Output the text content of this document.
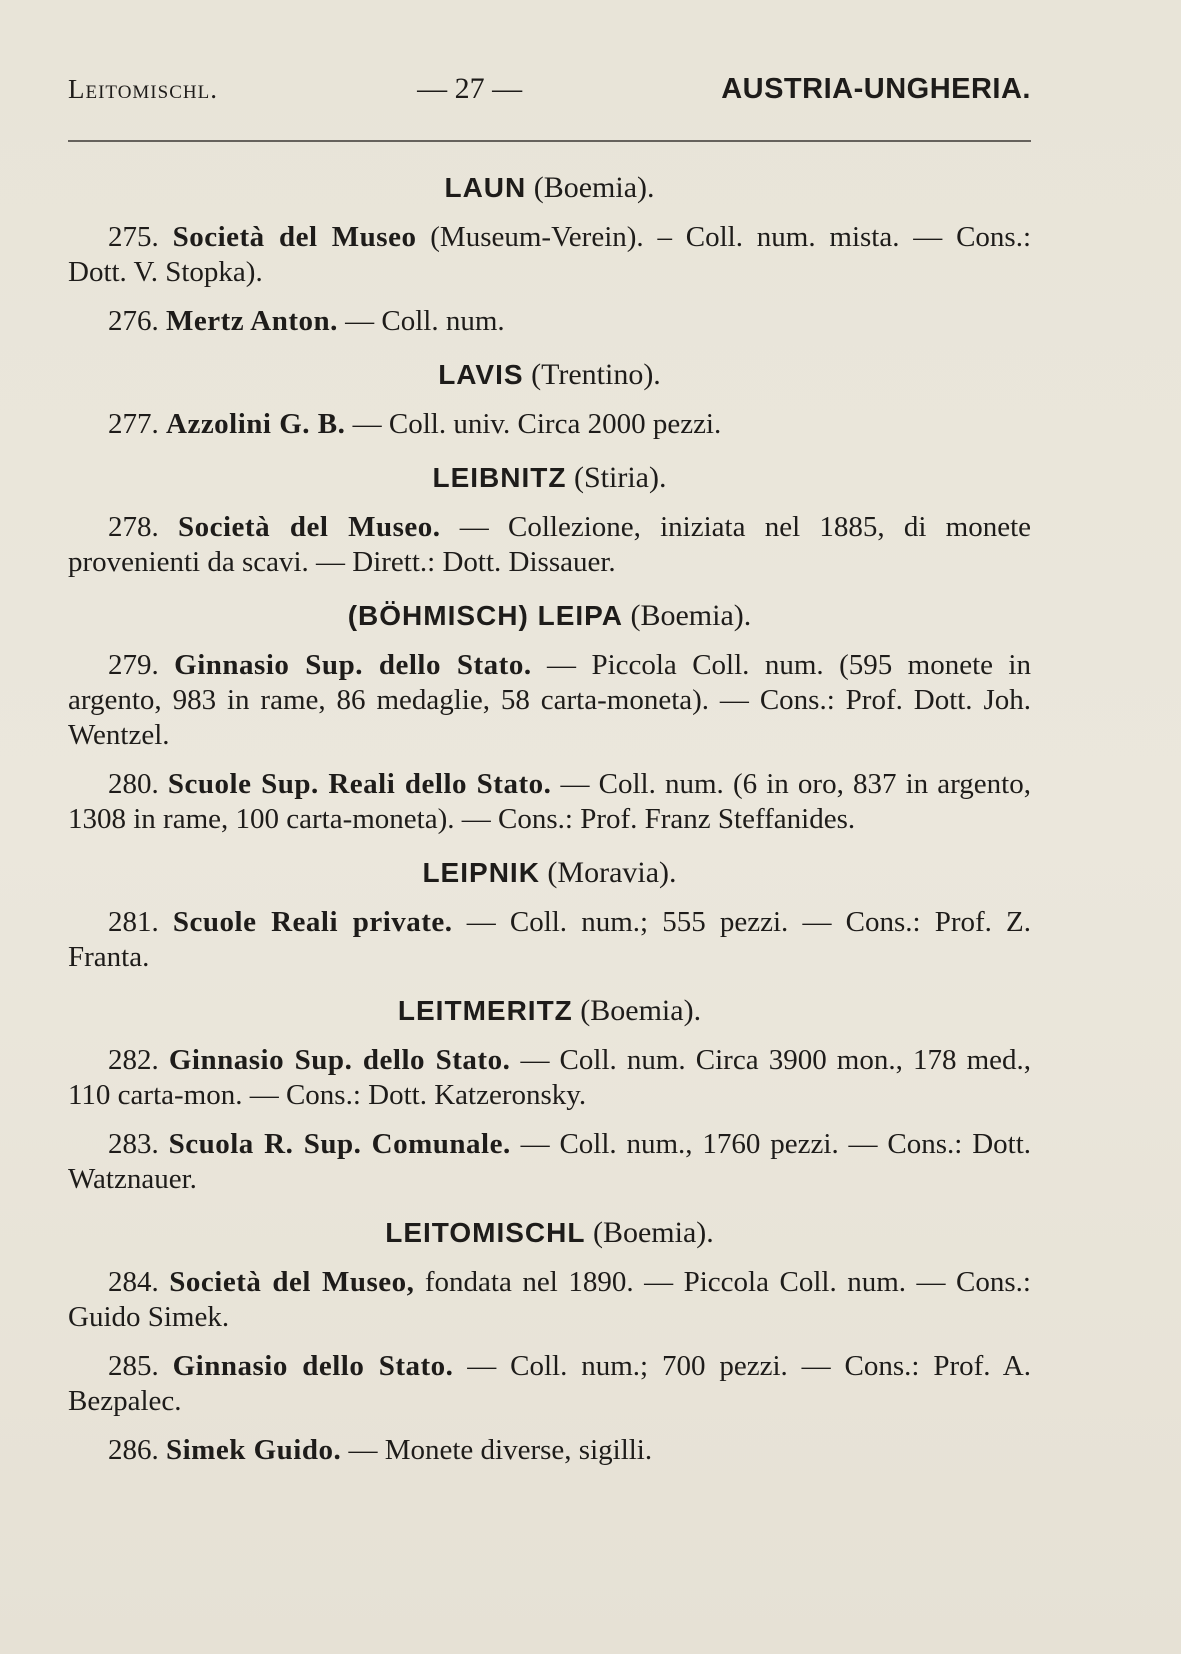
Leitomischl.	— 27 —	AUSTRIA-UNGHERIA.
LAUN (Boemia).
275. Società del Museo (Museum-Verein). – Coll. num. mista. — Cons.: Dott. V. Stopka).
276. Mertz Anton. — Coll. num.
LAVIS (Trentino).
277. Azzolini G. B. — Coll. univ. Circa 2000 pezzi.
LEIBNITZ (Stiria).
278. Società del Museo. — Collezione, iniziata nel 1885, di monete provenienti da scavi. — Dirett.: Dott. Dissauer.
(BÖHMISCH) LEIPA (Boemia).
279. Ginnasio Sup. dello Stato. — Piccola Coll. num. (595 monete in argento, 983 in rame, 86 medaglie, 58 carta-moneta). — Cons.: Prof. Dott. Joh. Wentzel.
280. Scuole Sup. Reali dello Stato. — Coll. num. (6 in oro, 837 in argento, 1308 in rame, 100 carta-moneta). — Cons.: Prof. Franz Steffanides.
LEIPNIK (Moravia).
281. Scuole Reali private. — Coll. num.; 555 pezzi. — Cons.: Prof. Z. Franta.
LEITMERITZ (Boemia).
282. Ginnasio Sup. dello Stato. — Coll. num. Circa 3900 mon., 178 med., 110 carta-mon. — Cons.: Dott. Katzeronsky.
283. Scuola R. Sup. Comunale. — Coll. num., 1760 pezzi. — Cons.: Dott. Watznauer.
LEITOMISCHL (Boemia).
284. Società del Museo, fondata nel 1890. — Piccola Coll. num. — Cons.: Guido Simek.
285. Ginnasio dello Stato. — Coll. num.; 700 pezzi. — Cons.: Prof. A. Bezpalec.
286. Simek Guido. — Monete diverse, sigilli.
